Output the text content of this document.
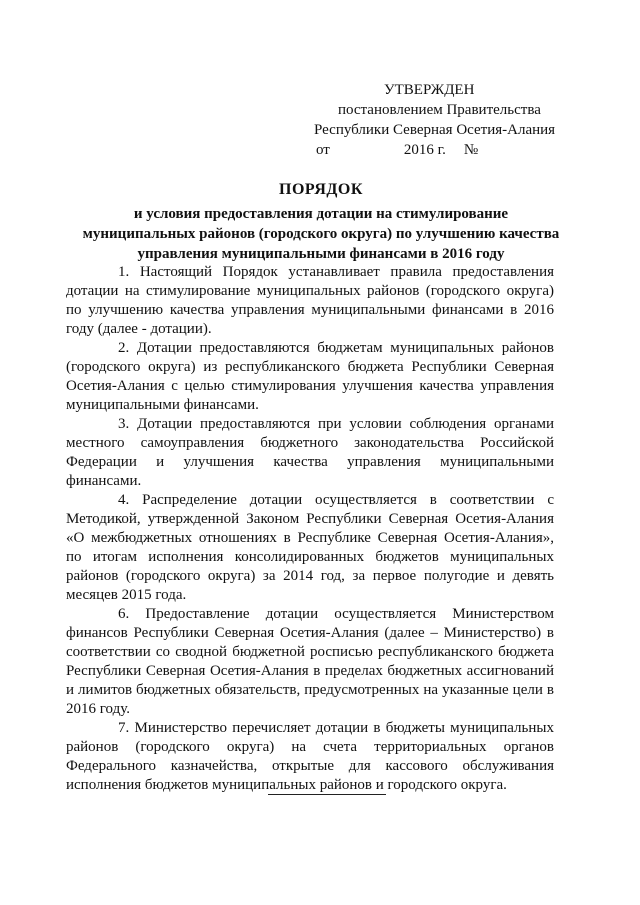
УТВЕРЖДЕН
постановлением Правительства
Республики Северная Осетия-Алания
от	2016 г. №
ПОРЯДОК
и условия предоставления дотации на стимулирование
муниципальных районов (городского округа) по улучшению качества
управления муниципальными финансами в 2016 году

1. Настоящий Порядок устанавливает правила предоставления дотации на стимулирование муниципальных районов (городского округа) по улучшению качества управления муниципальными финансами в 2016 году (далее - дотации).

2. Дотации предоставляются бюджетам муниципальных районов (городского округа) из республиканского бюджета Республики Северная Осетия-Алания с целью стимулирования улучшения качества управления муниципальными финансами.

3. Дотации предоставляются при условии соблюдения органами местного самоуправления бюджетного законодательства Российской Федерации и улучшения качества управления муниципальными финансами.

4. Распределение дотации осуществляется в соответствии с Методикой, утвержденной Законом Республики Северная Осетия-Алания «О межбюджетных отношениях в Республике Северная Осетия-Алания», по итогам исполнения консолидированных бюджетов муниципальных районов (городского округа) за 2014 год, за первое полугодие и девять месяцев 2015 года.

6. Предоставление дотации осуществляется Министерством финансов Республики Северная Осетия-Алания (далее – Министерство) в соответствии со сводной бюджетной росписью республиканского бюджета Республики Северная Осетия-Алания в пределах бюджетных ассигнований и лимитов бюджетных обязательств, предусмотренных на указанные цели в 2016 году.

7. Министерство перечисляет дотации в бюджеты муниципальных районов (городского округа) на счета территориальных органов Федерального казначейства, открытые для кассового обслуживания исполнения бюджетов муниципальных районов и городского округа.
